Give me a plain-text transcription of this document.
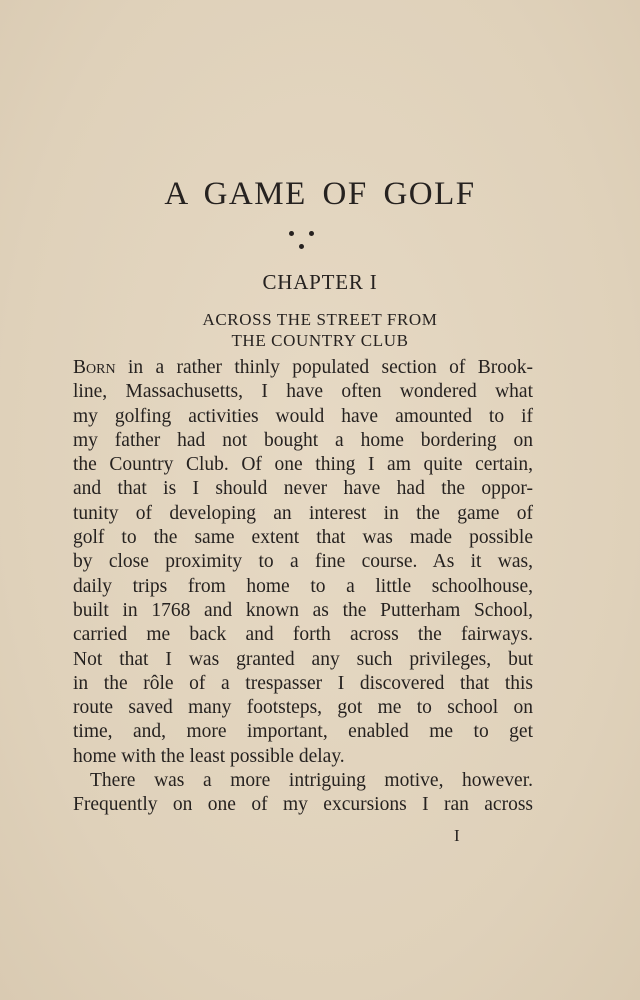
A GAME OF GOLF
CHAPTER I
ACROSS THE STREET FROM
THE COUNTRY CLUB
Born in a rather thinly populated section of Brook-
line, Massachusetts, I have often wondered what
my golfing activities would have amounted to if
my father had not bought a home bordering on
the Country Club. Of one thing I am quite certain,
and that is I should never have had the oppor-
tunity of developing an interest in the game of
golf to the same extent that was made possible
by close proximity to a fine course. As it was,
daily trips from home to a little schoolhouse,
built in 1768 and known as the Putterham School,
carried me back and forth across the fairways.
Not that I was granted any such privileges, but
in the rôle of a trespasser I discovered that this
route saved many footsteps, got me to school on
time, and, more important, enabled me to get
home with the least possible delay.
There was a more intriguing motive, however.
Frequently on one of my excursions I ran across
I
